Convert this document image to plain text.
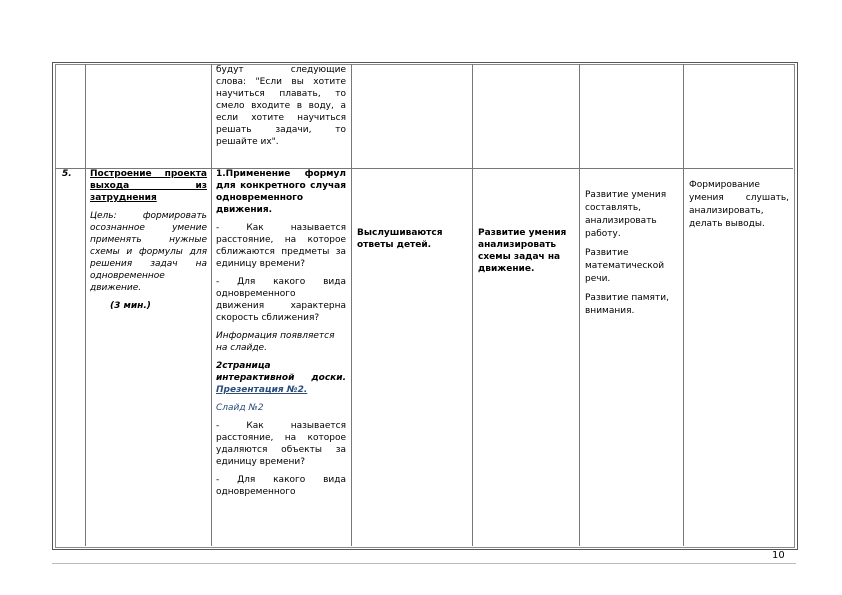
будут следующие
слова: "Если вы хотите
научиться плавать, то
смело входите в воду, а
если хотите научиться
решать задачи, то
решайте их".
5.	Построение проекта выхода из затруднения

Цель: формировать осознанное умение применять нужные схемы и формулы для решения задач на одновременное движение.

(3 мин.)

1.Применение формул для конкретного случая одновременного движения.

- Как называется расстояние, на которое сближаются предметы за единицу времени?

- Для какого вида одновременного движения характерна скорость сближения?

Информация появляется на слайде.

2страница интерактивной доски. Презентация №2.

Слайд №2

- Как называется расстояние, на которое удаляются объекты за единицу времени?

- Для какого вида одновременного

Выслушиваются ответы детей.
Развитие умения анализировать схемы задач на движение.

Развитие умения составлять, анализировать работу.

Развитие математической речи.

Развитие памяти, внимания.

Формирование умения слушать, анализировать, делать выводы.
10
